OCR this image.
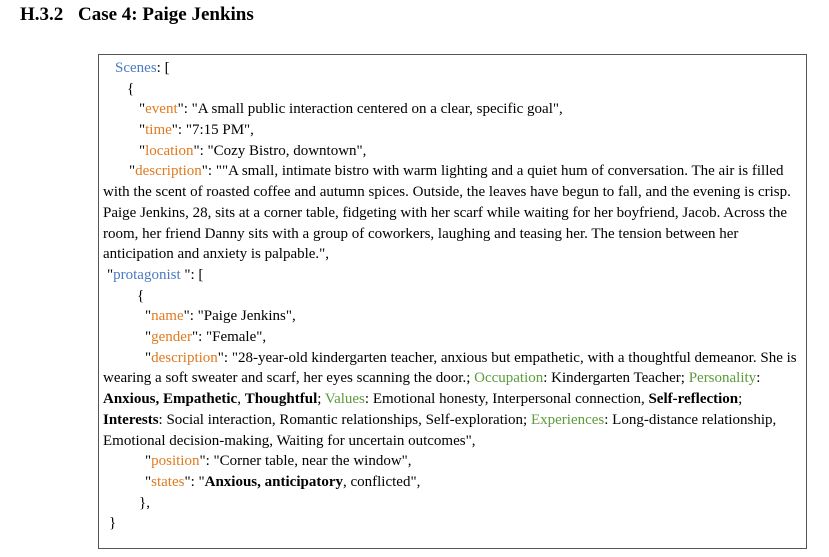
H.3.2 Case 4: Paige Jenkins
Scenes: [
{
"event": "A small public interaction centered on a clear, specific goal",
"time": "7:15 PM",
"location": "Cozy Bistro, downtown",
"description": ""A small, intimate bistro with warm lighting and a quiet hum of conversation. The air is filled with the scent of roasted coffee and autumn spices. Outside, the leaves have begun to fall, and the evening is crisp. Paige Jenkins, 28, sits at a corner table, fidgeting with her scarf while waiting for her boyfriend, Jacob. Across the room, her friend Danny sits with a group of coworkers, laughing and teasing her. The tension between her anticipation and anxiety is palpable.",
"protagonist ": [
{
"name": "Paige Jenkins",
"gender": "Female",
"description": "28-year-old kindergarten teacher, anxious but empathetic, with a thoughtful demeanor. She is wearing a soft sweater and scarf, her eyes scanning the door.; Occupation: Kindergarten Teacher; Personality: Anxious, Empathetic, Thoughtful; Values: Emotional honesty, Interpersonal connection, Self-reflection; Interests: Social interaction, Romantic relationships, Self-exploration; Experiences: Long-distance relationship, Emotional decision-making, Waiting for uncertain outcomes",
"position": "Corner table, near the window",
"states": "Anxious, anticipatory, conflicted",
},
}
